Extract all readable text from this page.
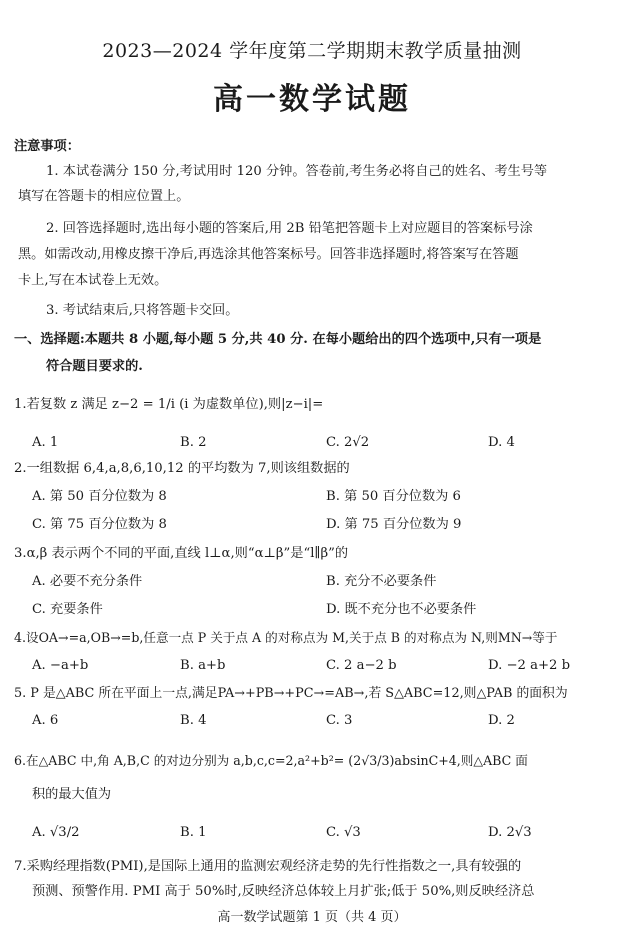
2023—2024 学年度第二学期期末教学质量抽测
高一数学试题
注意事项：
1. 本试卷满分 150 分,考试用时 120 分钟。答卷前,考生务必将自己的姓名、考生号等
填写在答题卡的相应位置上。
2. 回答选择题时,选出每小题的答案后,用 2B 铅笔把答题卡上对应题目的答案标号涂
黑。如需改动,用橡皮擦干净后,再选涂其他答案标号。回答非选择题时,将答案写在答题
卡上,写在本试卷上无效。
3. 考试结束后,只将答题卡交回。
一、选择题:本题共 8 小题,每小题 5 分,共 40 分. 在每小题给出的四个选项中,只有一项是
符合题目要求的.
1.若复数 z 满足 z−2 = 1/i (i 为虚数单位),则|z−i|=
A. 1	B. 2	C. 2√2	D. 4
2.一组数据 6,4,a,8,6,10,12 的平均数为 7,则该组数据的
A. 第 50 百分位数为 8	B. 第 50 百分位数为 6
C. 第 75 百分位数为 8	D. 第 75 百分位数为 9
3.α,β 表示两个不同的平面,直线 l⊥α,则“α⊥β”是“l∥β”的
A. 必要不充分条件	B. 充分不必要条件
C. 充要条件	D. 既不充分也不必要条件
4.设OA→=a,OB→=b,任意一点 P 关于点 A 的对称点为 M,关于点 B 的对称点为 N,则MN→等于
A. −a+b	B. a+b	C. 2 a−2 b	D. −2 a+2 b
5. P 是△ABC 所在平面上一点,满足PA→+PB→+PC→=AB→,若 S△ABC=12,则△PAB 的面积为
A. 6	B. 4	C. 3	D. 2
6.在△ABC 中,角 A,B,C 的对边分别为 a,b,c,c=2,a²+b²= (2√3/3)absinC+4,则△ABC 面
积的最大值为
A. √3/2	B. 1	C. √3	D. 2√3
7.采购经理指数(PMI),是国际上通用的监测宏观经济走势的先行性指数之一,具有较强的
预测、预警作用. PMI 高于 50%时,反映经济总体较上月扩张;低于 50%,则反映经济总
高一数学试题第 1 页（共 4 页）
